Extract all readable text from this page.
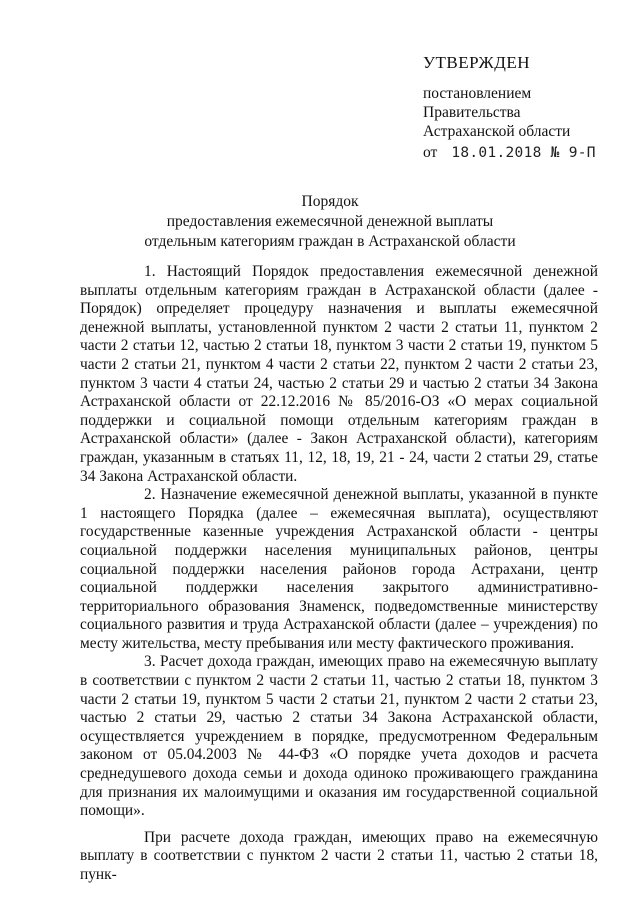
УТВЕРЖДЕН
постановлением
Правительства
Астраханской области
от 18.01.2018 № 9-П
Порядок
предоставления ежемесячной денежной выплаты
отдельным категориям граждан в Астраханской области

1. Настоящий Порядок предоставления ежемесячной денежной выплаты отдельным категориям граждан в Астраханской области (далее - Порядок) определяет процедуру назначения и выплаты ежемесячной денежной выплаты, установленной пунктом 2 части 2 статьи 11, пунктом 2 части 2 статьи 12, частью 2 статьи 18, пунктом 3 части 2 статьи 19, пунктом 5 части 2 статьи 21, пунктом 4 части 2 статьи 22, пунктом 2 части 2 статьи 23, пунктом 3 части 4 статьи 24, частью 2 статьи 29 и частью 2 статьи 34 Закона Астраханской области от 22.12.2016 № 85/2016-ОЗ «О мерах социальной поддержки и социальной помощи отдельным категориям граждан в Астраханской области» (далее - Закон Астраханской области), категориям граждан, указанным в статьях 11, 12, 18, 19, 21 - 24, части 2 статьи 29, статье 34 Закона Астраханской области.

2. Назначение ежемесячной денежной выплаты, указанной в пункте 1 настоящего Порядка (далее – ежемесячная выплата), осуществляют государственные казенные учреждения Астраханской области - центры социальной поддержки населения муниципальных районов, центры социальной поддержки населения районов города Астрахани, центр социальной поддержки населения закрытого административно-территориального образования Знаменск, подведомственные министерству социального развития и труда Астраханской области (далее – учреждения) по месту жительства, месту пребывания или месту фактического проживания.

3. Расчет дохода граждан, имеющих право на ежемесячную выплату в соответствии с пунктом 2 части 2 статьи 11, частью 2 статьи 18, пунктом 3 части 2 статьи 19, пунктом 5 части 2 статьи 21, пунктом 2 части 2 статьи 23, частью 2 статьи 29, частью 2 статьи 34 Закона Астраханской области, осуществляется учреждением в порядке, предусмотренном Федеральным законом от 05.04.2003 № 44-ФЗ «О порядке учета доходов и расчета среднедушевого дохода семьи и дохода одиноко проживающего гражданина для признания их малоимущими и оказания им государственной социальной помощи».

При расчете дохода граждан, имеющих право на ежемесячную выплату в соответствии с пунктом 2 части 2 статьи 11, частью 2 статьи 18, пунк-
